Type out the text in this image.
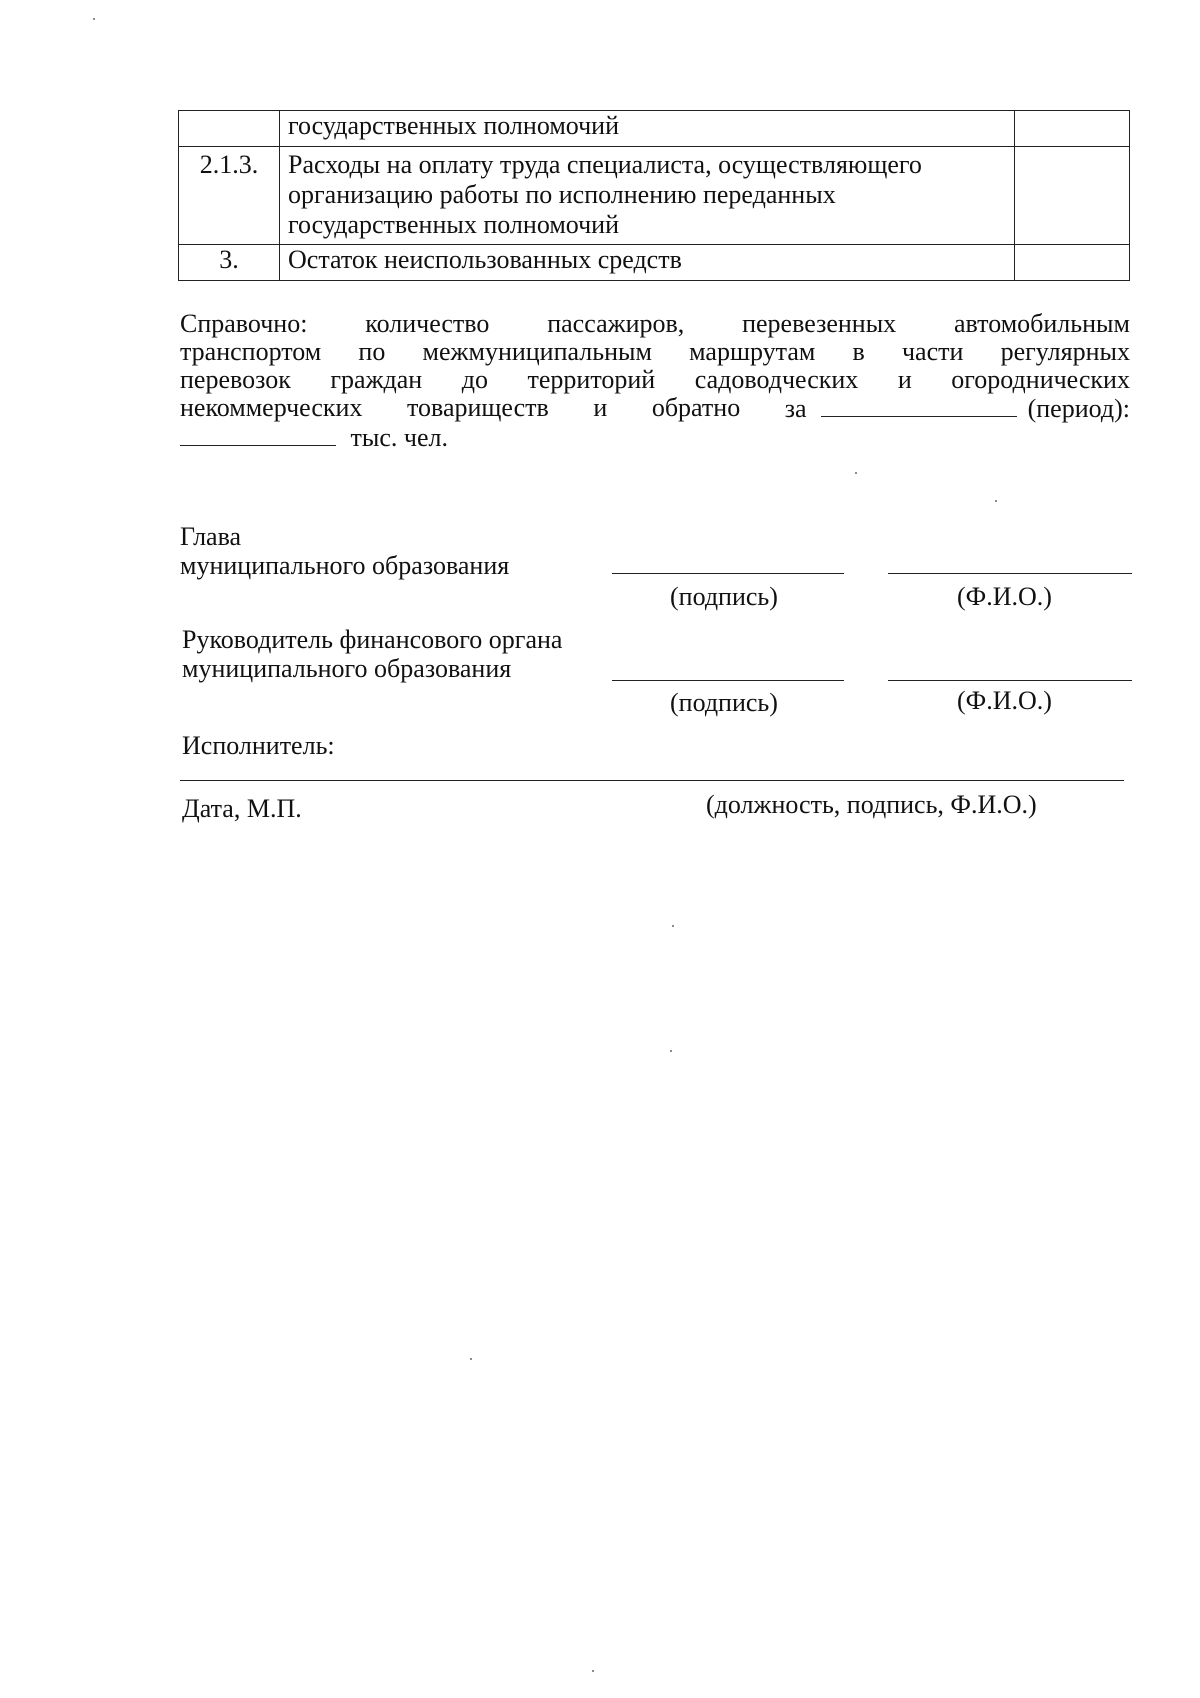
	государственных полномочий	
2.1.3.	Расходы на оплату труда специалиста, осуществляющего организацию работы по исполнению переданных государственных полномочий	
3.	Остаток неиспользованных средств	
Справочно: количество пассажиров, перевезенных автомобильным
транспортом по межмуниципальным маршрутам в части регулярных
перевозок граждан до территорий садоводческих и огороднических
некоммерческих товариществ и обратно за	(период):
тыс. чел.
Глава
муниципального образования
(подпись)	(Ф.И.О.)
Руководитель финансового органа
муниципального образования
(подпись)	(Ф.И.О.)
Исполнитель:
Дата, М.П.	(должность, подпись, Ф.И.О.)
